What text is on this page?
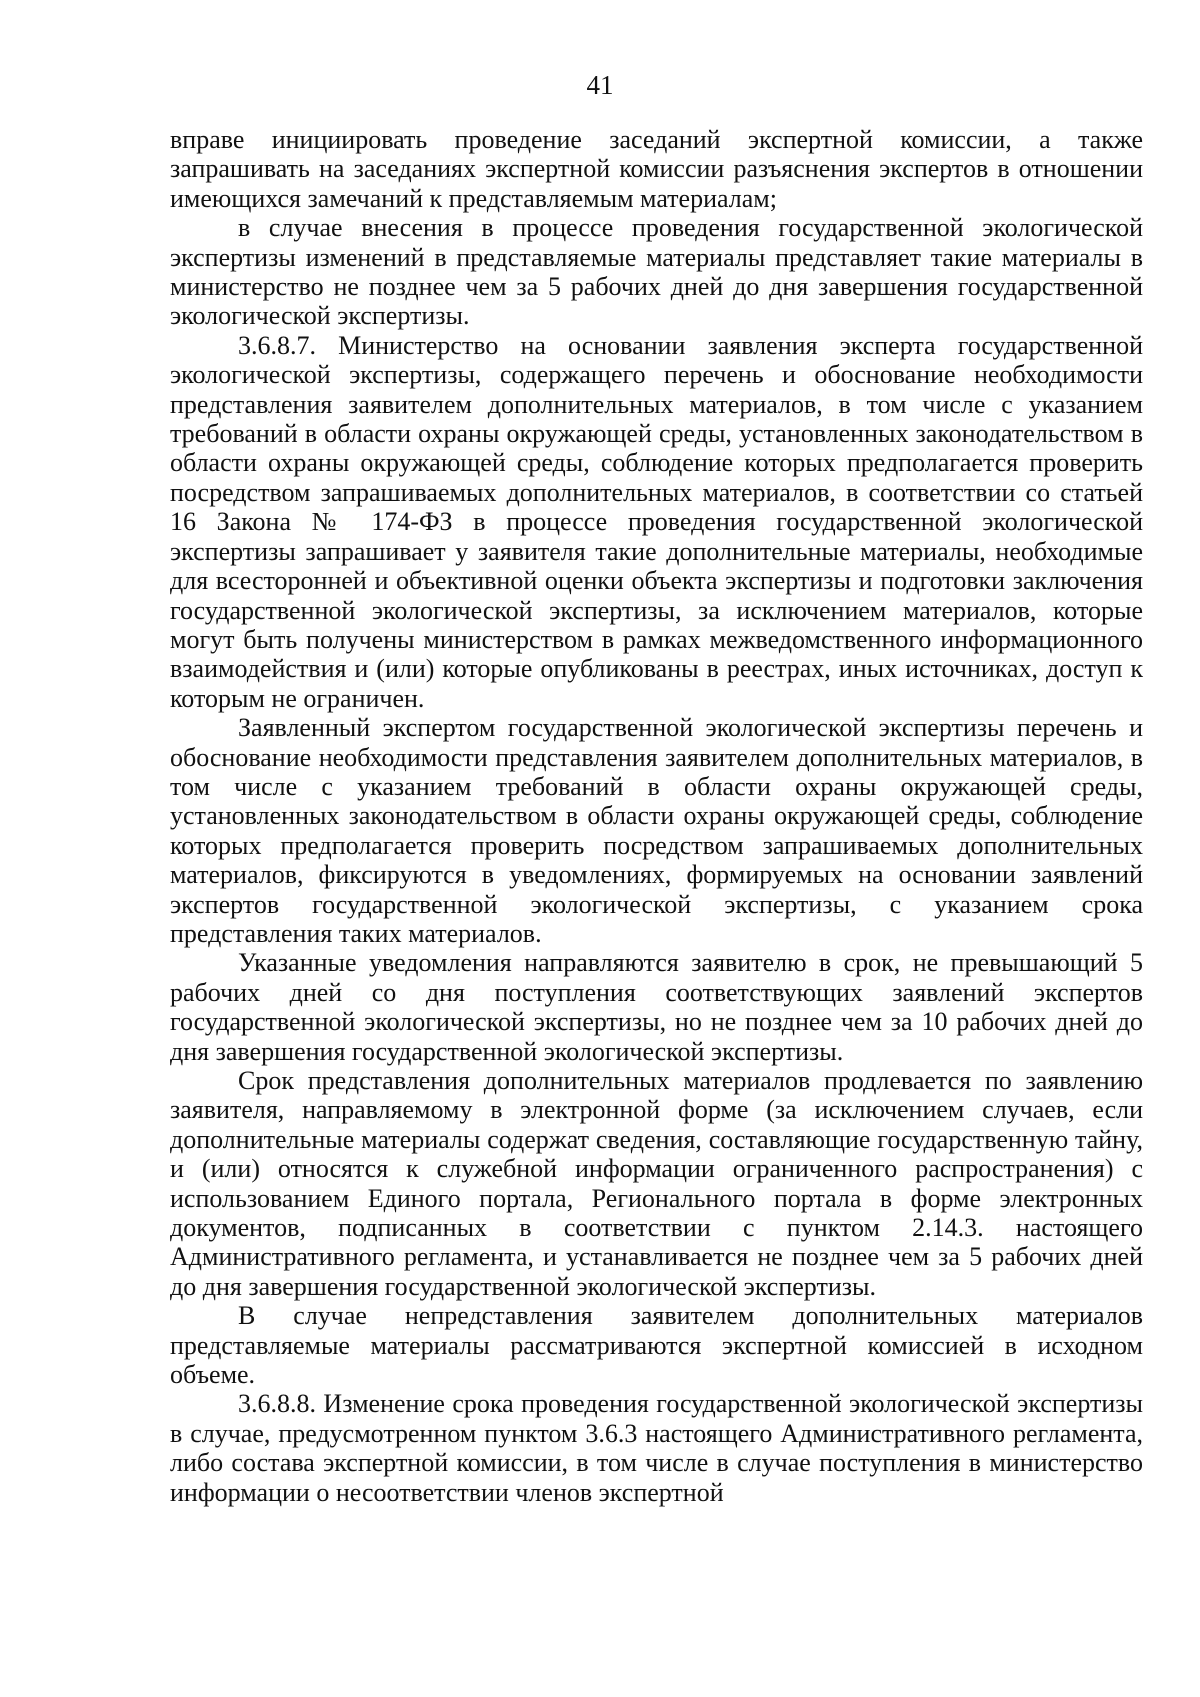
41

вправе инициировать проведение заседаний экспертной комиссии, а также запрашивать на заседаниях экспертной комиссии разъяснения экспертов в отношении имеющихся замечаний к представляемым материалам;

в случае внесения в процессе проведения государственной экологической экспертизы изменений в представляемые материалы представляет такие материалы в министерство не позднее чем за 5 рабочих дней до дня завершения государственной экологической экспертизы.

3.6.8.7. Министерство на основании заявления эксперта государственной экологической экспертизы, содержащего перечень и обоснование необходимости представления заявителем дополнительных материалов, в том числе с указанием требований в области охраны окружающей среды, установленных законодательством в области охраны окружающей среды, соблюдение которых предполагается проверить посредством запрашиваемых дополнительных материалов, в соответствии со статьей 16 Закона № 174-ФЗ в процессе проведения государственной экологической экспертизы запрашивает у заявителя такие дополнительные материалы, необходимые для всесторонней и объективной оценки объекта экспертизы и подготовки заключения государственной экологической экспертизы, за исключением материалов, которые могут быть получены министерством в рамках межведомственного информационного взаимодействия и (или) которые опубликованы в реестрах, иных источниках, доступ к которым не ограничен.

Заявленный экспертом государственной экологической экспертизы перечень и обоснование необходимости представления заявителем дополнительных материалов, в том числе с указанием требований в области охраны окружающей среды, установленных законодательством в области охраны окружающей среды, соблюдение которых предполагается проверить посредством запрашиваемых дополнительных материалов, фиксируются в уведомлениях, формируемых на основании заявлений экспертов государственной экологической экспертизы, с указанием срока представления таких материалов.

Указанные уведомления направляются заявителю в срок, не превышающий 5 рабочих дней со дня поступления соответствующих заявлений экспертов государственной экологической экспертизы, но не позднее чем за 10 рабочих дней до дня завершения государственной экологической экспертизы.

Срок представления дополнительных материалов продлевается по заявлению заявителя, направляемому в электронной форме (за исключением случаев, если дополнительные материалы содержат сведения, составляющие государственную тайну, и (или) относятся к служебной информации ограниченного распространения) с использованием Единого портала, Регионального портала в форме электронных документов, подписанных в соответствии с пунктом 2.14.3. настоящего Административного регламента, и устанавливается не позднее чем за 5 рабочих дней до дня завершения государственной экологической экспертизы.

В случае непредставления заявителем дополнительных материалов представляемые материалы рассматриваются экспертной комиссией в исходном объеме.

3.6.8.8. Изменение срока проведения государственной экологической экспертизы в случае, предусмотренном пунктом 3.6.3 настоящего Административного регламента, либо состава экспертной комиссии, в том числе в случае поступления в министерство информации о несоответствии членов экспертной
